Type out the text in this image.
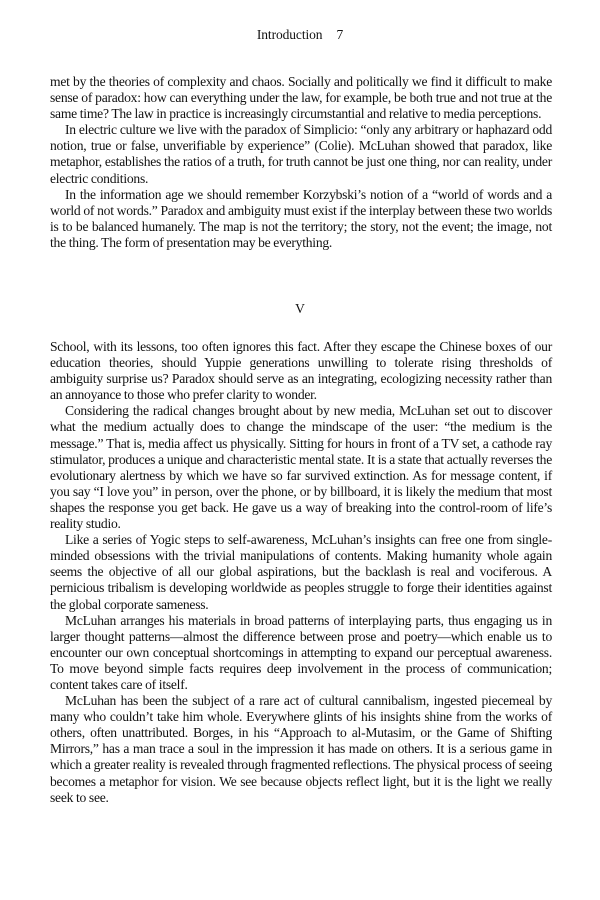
Introduction 7

met by the theories of complexity and chaos. Socially and politically we find it difficult to make sense of paradox: how can everything under the law, for example, be both true and not true at the same time? The law in practice is increasingly circumstantial and relative to media perceptions.

In electric culture we live with the paradox of Simplicio: “only any arbitrary or haphazard odd notion, true or false, unverifiable by experience” (Colie). McLuhan showed that paradox, like metaphor, establishes the ratios of a truth, for truth cannot be just one thing, nor can reality, under electric conditions.

In the information age we should remember Korzybski’s notion of a “world of words and a world of not words.” Paradox and ambiguity must exist if the interplay between these two worlds is to be balanced humanely. The map is not the territory; the story, not the event; the image, not the thing. The form of presentation may be everything.

V

School, with its lessons, too often ignores this fact. After they escape the Chinese boxes of our education theories, should Yuppie generations unwilling to tolerate rising thresholds of ambiguity surprise us? Paradox should serve as an integrating, ecologizing necessity rather than an annoyance to those who prefer clarity to wonder.

Considering the radical changes brought about by new media, McLuhan set out to discover what the medium actually does to change the mindscape of the user: “the medium is the message.” That is, media affect us physically. Sitting for hours in front of a TV set, a cathode ray stimulator, produces a unique and characteristic mental state. It is a state that actually reverses the evolutionary alertness by which we have so far survived extinction. As for message content, if you say “I love you” in person, over the phone, or by billboard, it is likely the medium that most shapes the response you get back. He gave us a way of breaking into the control-room of life’s reality studio.

Like a series of Yogic steps to self-awareness, McLuhan’s insights can free one from single-minded obsessions with the trivial manipulations of contents. Making humanity whole again seems the objective of all our global aspirations, but the backlash is real and vociferous. A pernicious tribalism is developing worldwide as peoples struggle to forge their identities against the global corporate sameness.

McLuhan arranges his materials in broad patterns of interplaying parts, thus engaging us in larger thought patterns—almost the difference between prose and poetry—which enable us to encounter our own conceptual shortcomings in attempting to expand our perceptual awareness. To move beyond simple facts requires deep involvement in the process of communication; content takes care of itself.

McLuhan has been the subject of a rare act of cultural cannibalism, ingested piecemeal by many who couldn’t take him whole. Everywhere glints of his insights shine from the works of others, often unattributed. Borges, in his “Approach to al-Mutasim, or the Game of Shifting Mirrors,” has a man trace a soul in the impression it has made on others. It is a serious game in which a greater reality is revealed through fragmented reflections. The physical process of seeing becomes a metaphor for vision. We see because objects reflect light, but it is the light we really seek to see.
